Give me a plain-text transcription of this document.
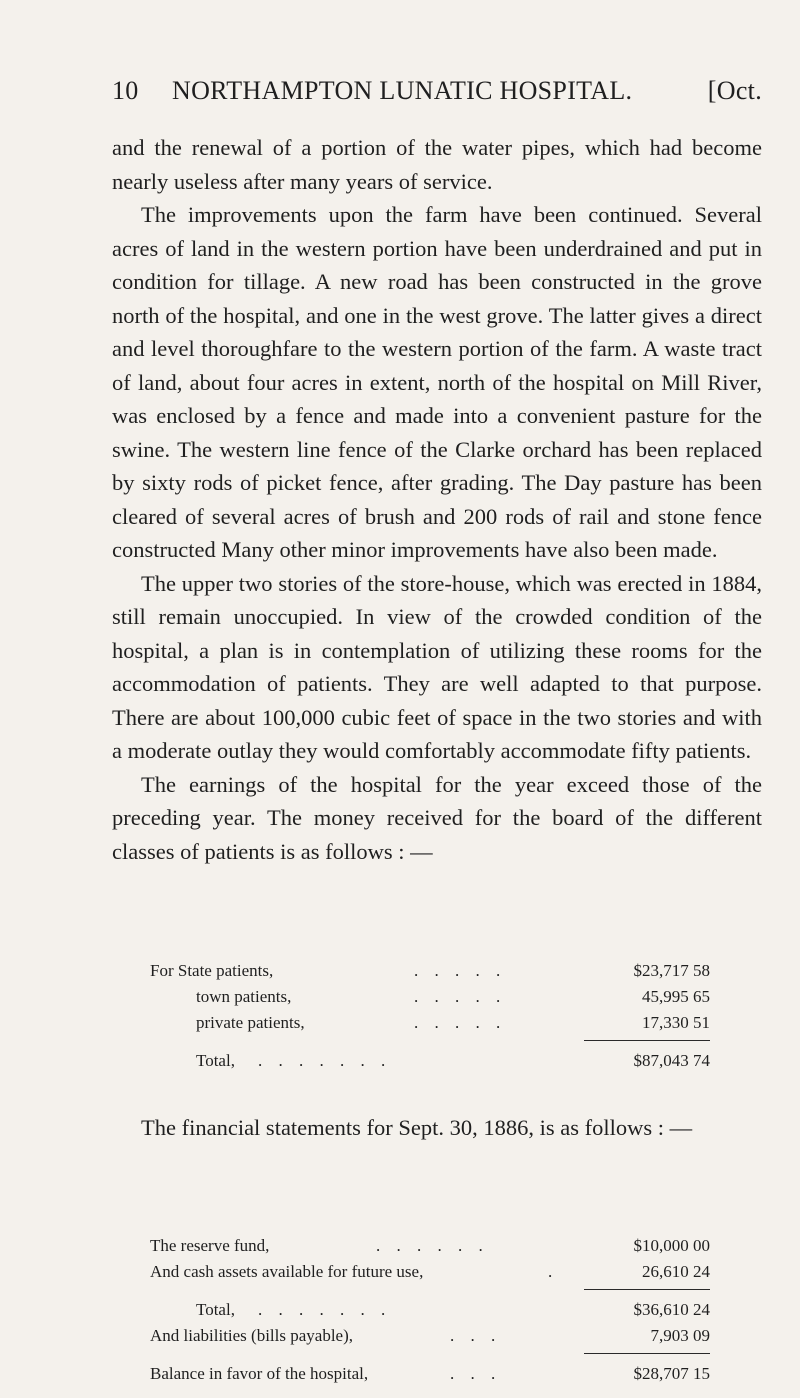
10 NORTHAMPTON LUNATIC HOSPITAL.	[Oct.

and the renewal of a portion of the water pipes, which had become nearly useless after many years of service.

The improvements upon the farm have been continued. Several acres of land in the western portion have been underdrained and put in condition for tillage. A new road has been constructed in the grove north of the hospital, and one in the west grove. The latter gives a direct and level thoroughfare to the western portion of the farm. A waste tract of land, about four acres in extent, north of the hospital on Mill River, was enclosed by a fence and made into a convenient pasture for the swine. The western line fence of the Clarke orchard has been replaced by sixty rods of picket fence, after grading. The Day pasture has been cleared of several acres of brush and 200 rods of rail and stone fence constructed Many other minor improvements have also been made.

The upper two stories of the store-house, which was erected in 1884, still remain unoccupied. In view of the crowded condition of the hospital, a plan is in contemplation of utilizing these rooms for the accommodation of patients. They are well adapted to that purpose. There are about 100,000 cubic feet of space in the two stories and with a moderate outlay they would comfortably accommodate fifty patients.

The earnings of the hospital for the year exceed those of the preceding year. The money received for the board of the different classes of patients is as follows : —

For State patients,	. . . . .	$23,717 58
town patients,	. . . . .	45,995 65
private patients,	. . . . .	17,330 51
Total, . . . . . . .	$87,043 74

The financial statements for Sept. 30, 1886, is as follows : —

The reserve fund,	. . . . . .	$10,000 00
And cash assets available for future use,	.	26,610 24
Total, . . . . . . .	$36,610 24
And liabilities (bills payable),	. . .	7,903 09
Balance in favor of the hospital,	. . .	$28,707 15
